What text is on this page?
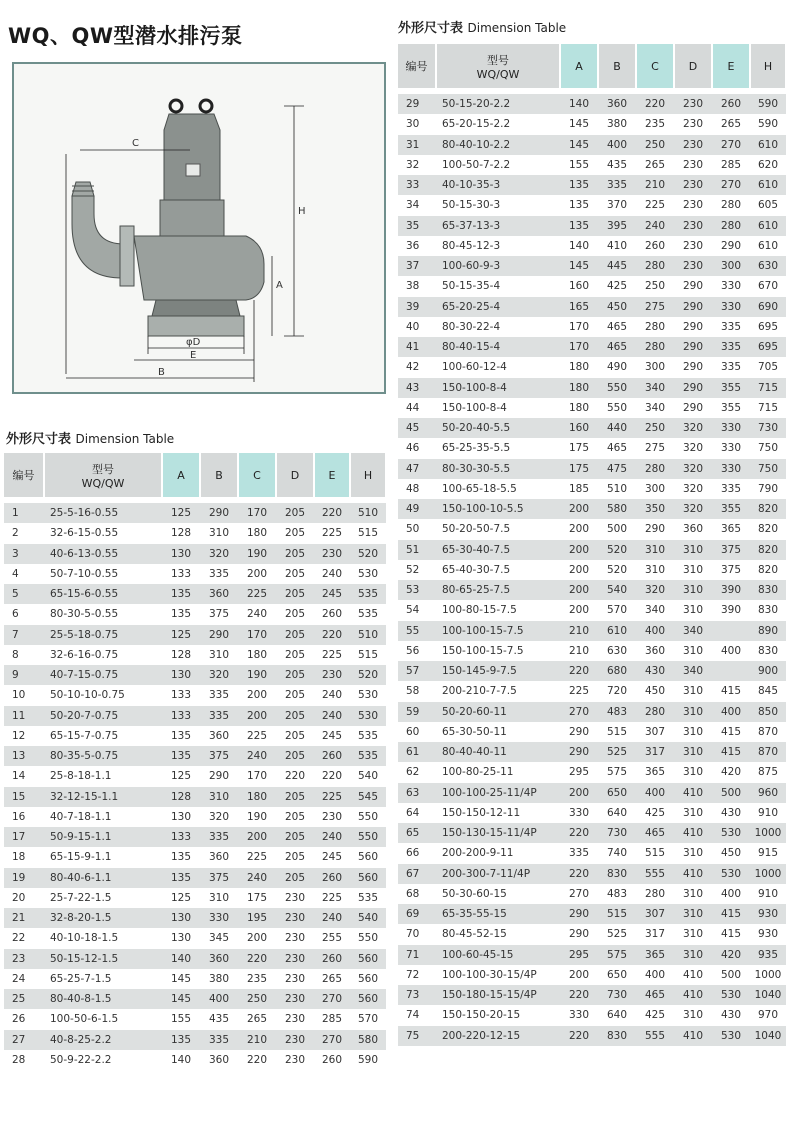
WQ、QW型潜水排污泵
C
H
A
φD
E
B
外形尺寸表 Dimension Table
外形尺寸表 Dimension Table
编号	型号
WQ/QW	A	B	C	D	E	H

1	25-5-16-0.55	125	290	170	205	220	510
2	32-6-15-0.55	128	310	180	205	225	515
3	40-6-13-0.55	130	320	190	205	230	520
4	50-7-10-0.55	133	335	200	205	240	530
5	65-15-6-0.55	135	360	225	205	245	535
6	80-30-5-0.55	135	375	240	205	260	535
7	25-5-18-0.75	125	290	170	205	220	510
8	32-6-16-0.75	128	310	180	205	225	515
9	40-7-15-0.75	130	320	190	205	230	520
10	50-10-10-0.75	133	335	200	205	240	530
11	50-20-7-0.75	133	335	200	205	240	530
12	65-15-7-0.75	135	360	225	205	245	535
13	80-35-5-0.75	135	375	240	205	260	535
14	25-8-18-1.1	125	290	170	220	220	540
15	32-12-15-1.1	128	310	180	205	225	545
16	40-7-18-1.1	130	320	190	205	230	550
17	50-9-15-1.1	133	335	200	205	240	550
18	65-15-9-1.1	135	360	225	205	245	560
19	80-40-6-1.1	135	375	240	205	260	560
20	25-7-22-1.5	125	310	175	230	225	535
21	32-8-20-1.5	130	330	195	230	240	540
22	40-10-18-1.5	130	345	200	230	255	550
23	50-15-12-1.5	140	360	220	230	260	560
24	65-25-7-1.5	145	380	235	230	265	560
25	80-40-8-1.5	145	400	250	230	270	560
26	100-50-6-1.5	155	435	265	230	285	570
27	40-8-25-2.2	135	335	210	230	270	580
28	50-9-22-2.2	140	360	220	230	260	590
编号	型号
WQ/QW	A	B	C	D	E	H

29	50-15-20-2.2	140	360	220	230	260	590
30	65-20-15-2.2	145	380	235	230	265	590
31	80-40-10-2.2	145	400	250	230	270	610
32	100-50-7-2.2	155	435	265	230	285	620
33	40-10-35-3	135	335	210	230	270	610
34	50-15-30-3	135	370	225	230	280	605
35	65-37-13-3	135	395	240	230	280	610
36	80-45-12-3	140	410	260	230	290	610
37	100-60-9-3	145	445	280	230	300	630
38	50-15-35-4	160	425	250	290	330	670
39	65-20-25-4	165	450	275	290	330	690
40	80-30-22-4	170	465	280	290	335	695
41	80-40-15-4	170	465	280	290	335	695
42	100-60-12-4	180	490	300	290	335	705
43	150-100-8-4	180	550	340	290	355	715
44	150-100-8-4	180	550	340	290	355	715
45	50-20-40-5.5	160	440	250	320	330	730
46	65-25-35-5.5	175	465	275	320	330	750
47	80-30-30-5.5	175	475	280	320	330	750
48	100-65-18-5.5	185	510	300	320	335	790
49	150-100-10-5.5	200	580	350	320	355	820
50	50-20-50-7.5	200	500	290	360	365	820
51	65-30-40-7.5	200	520	310	310	375	820
52	65-40-30-7.5	200	520	310	310	375	820
53	80-65-25-7.5	200	540	320	310	390	830
54	100-80-15-7.5	200	570	340	310	390	830
55	100-100-15-7.5	210	610	400	340		890
56	150-100-15-7.5	210	630	360	310	400	830
57	150-145-9-7.5	220	680	430	340		900
58	200-210-7-7.5	225	720	450	310	415	845
59	50-20-60-11	270	483	280	310	400	850
60	65-30-50-11	290	515	307	310	415	870
61	80-40-40-11	290	525	317	310	415	870
62	100-80-25-11	295	575	365	310	420	875
63	100-100-25-11/4P	200	650	400	410	500	960
64	150-150-12-11	330	640	425	310	430	910
65	150-130-15-11/4P	220	730	465	410	530	1000
66	200-200-9-11	335	740	515	310	450	915
67	200-300-7-11/4P	220	830	555	410	530	1000
68	50-30-60-15	270	483	280	310	400	910
69	65-35-55-15	290	515	307	310	415	930
70	80-45-52-15	290	525	317	310	415	930
71	100-60-45-15	295	575	365	310	420	935
72	100-100-30-15/4P	200	650	400	410	500	1000
73	150-180-15-15/4P	220	730	465	410	530	1040
74	150-150-20-15	330	640	425	310	430	970
75	200-220-12-15	220	830	555	410	530	1040
